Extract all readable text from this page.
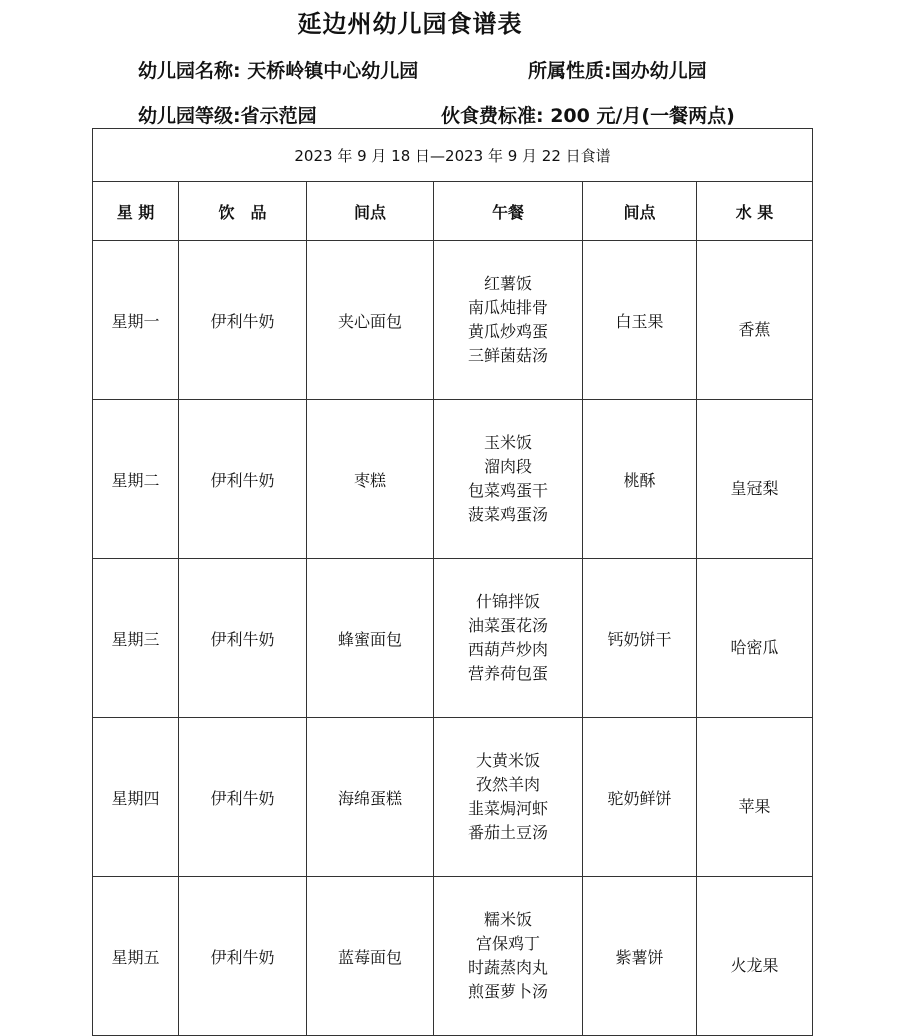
延边州幼儿园食谱表
幼儿园名称: 天桥岭镇中心幼儿园	所属性质:国办幼儿园
幼儿园等级:省示范园	伙食费标准: 200 元/月(一餐两点)
2023 年 9 月 18 日—2023 年 9 月 22 日食谱					
星 期	饮　品	间点	午餐	间点	水 果
星期一	伊利牛奶	夹心面包	红薯饭
南瓜炖排骨
黄瓜炒鸡蛋
三鲜菌菇汤	白玉果	香蕉
星期二	伊利牛奶	枣糕	玉米饭
溜肉段
包菜鸡蛋干
菠菜鸡蛋汤	桃酥	皇冠梨
星期三	伊利牛奶	蜂蜜面包	什锦拌饭
油菜蛋花汤
西葫芦炒肉
营养荷包蛋	钙奶饼干	哈密瓜
星期四	伊利牛奶	海绵蛋糕	大黄米饭
孜然羊肉
韭菜焗河虾
番茄土豆汤	驼奶鲜饼	苹果
星期五	伊利牛奶	蓝莓面包	糯米饭
宫保鸡丁
时蔬蒸肉丸
煎蛋萝卜汤	紫薯饼	火龙果
